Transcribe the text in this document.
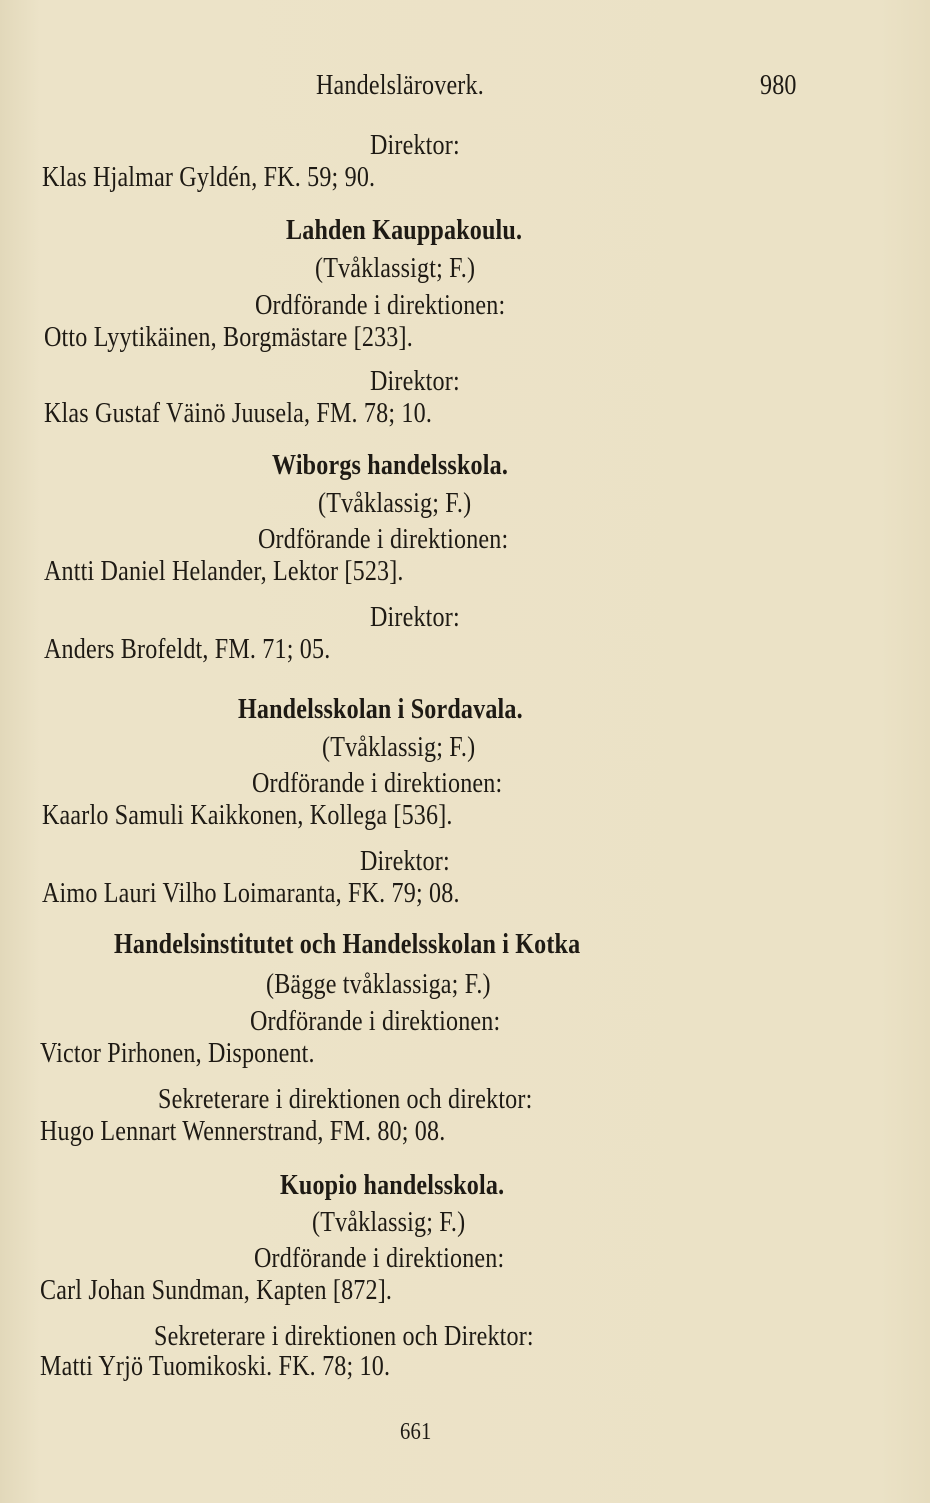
Handelsläroverk.	980
Direktor:
Klas Hjalmar Gyldén, FK. 59; 90.
Lahden Kauppakoulu.
(Tvåklassigt; F.)
Ordförande i direktionen:
Otto Lyytikäinen, Borgmästare [233].
Direktor:
Klas Gustaf Väinö Juusela, FM. 78; 10.
Wiborgs handelsskola.
(Tvåklassig; F.)
Ordförande i direktionen:
Antti Daniel Helander, Lektor [523].
Direktor:
Anders Brofeldt, FM. 71; 05.
Handelsskolan i Sordavala.
(Tvåklassig; F.)
Ordförande i direktionen:
Kaarlo Samuli Kaikkonen, Kollega [536].
Direktor:
Aimo Lauri Vilho Loimaranta, FK. 79; 08.
Handelsinstitutet och Handelsskolan i Kotka
(Bägge tvåklassiga; F.)
Ordförande i direktionen:
Victor Pirhonen, Disponent.
Sekreterare i direktionen och direktor:
Hugo Lennart Wennerstrand, FM. 80; 08.
Kuopio handelsskola.
(Tvåklassig; F.)
Ordförande i direktionen:
Carl Johan Sundman, Kapten [872].
Sekreterare i direktionen och Direktor:
Matti Yrjö Tuomikoski. FK. 78; 10.
661
